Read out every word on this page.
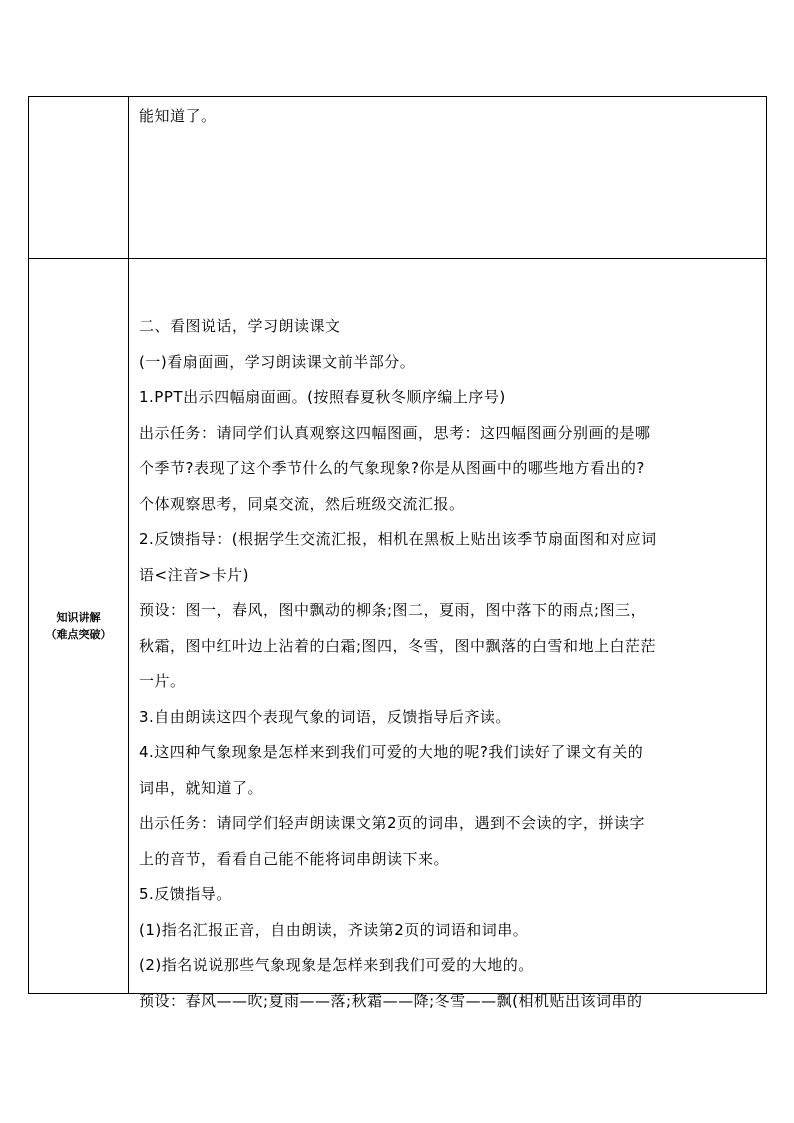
能知道了。
知识讲解
（难点突破）
二、看图说话，学习朗读课文
(一)看扇面画，学习朗读课文前半部分。
1.PPT出示四幅扇面画。(按照春夏秋冬顺序编上序号)
出示任务：请同学们认真观察这四幅图画，思考：这四幅图画分别画的是哪
个季节?表现了这个季节什么的气象现象?你是从图画中的哪些地方看出的?
个体观察思考，同桌交流，然后班级交流汇报。
2.反馈指导：(根据学生交流汇报，相机在黑板上贴出该季节扇面图和对应词
语<注音>卡片)
预设：图一，春风，图中飘动的柳条;图二，夏雨，图中落下的雨点;图三，
秋霜，图中红叶边上沾着的白霜;图四，冬雪，图中飘落的白雪和地上白茫茫
一片。
3.自由朗读这四个表现气象的词语，反馈指导后齐读。
4.这四种气象现象是怎样来到我们可爱的大地的呢?我们读好了课文有关的
词串，就知道了。
出示任务：请同学们轻声朗读课文第2页的词串，遇到不会读的字，拼读字
上的音节，看看自己能不能将词串朗读下来。
5.反馈指导。
(1)指名汇报正音，自由朗读，齐读第2页的词语和词串。
(2)指名说说那些气象现象是怎样来到我们可爱的大地的。
预设：春风——吹;夏雨——落;秋霜——降;冬雪——飘(相机贴出该词串的
